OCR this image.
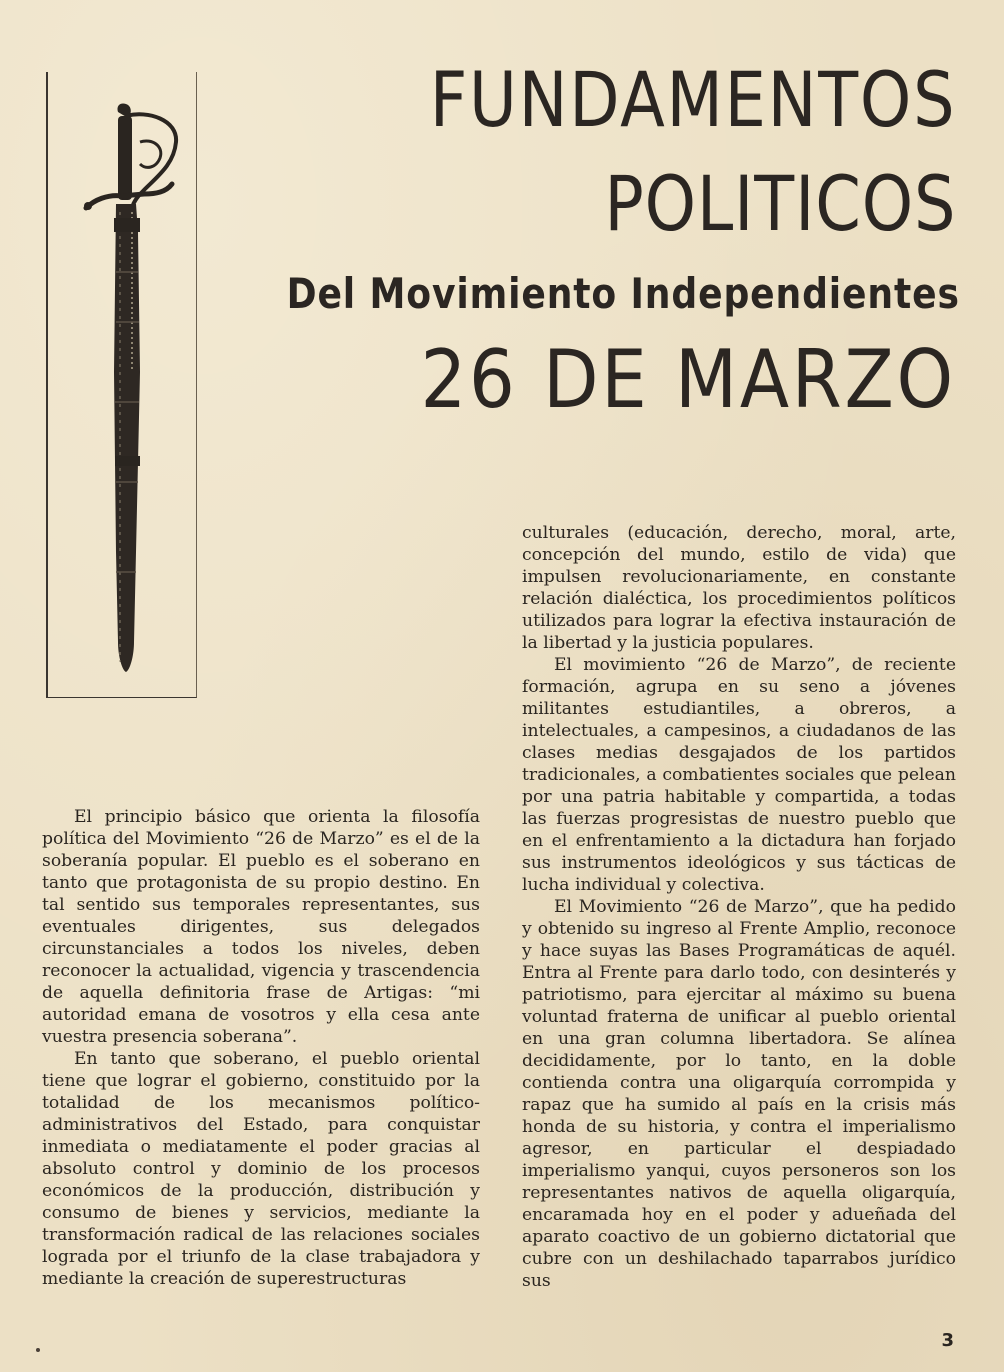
FUNDAMENTOS
POLITICOS
Del Movimiento Independientes
26 DE MARZO

El principio básico que orienta la filosofía política del Movimiento “26 de Marzo” es el de la soberanía popular. El pueblo es el soberano en tanto que protagonista de su propio destino. En tal sentido sus temporales representantes, sus eventuales dirigentes, sus delegados circunstanciales a todos los niveles, deben reconocer la actualidad, vigencia y trascendencia de aquella definitoria frase de Artigas: “mi autoridad emana de vosotros y ella cesa ante vuestra presencia soberana”.

En tanto que soberano, el pueblo oriental tiene que lograr el gobierno, constituido por la totalidad de los mecanismos político-administrativos del Estado, para conquistar inmediata o mediatamente el poder gracias al absoluto control y dominio de los procesos económicos de la producción, distribución y consumo de bienes y servicios, mediante la transformación radical de las relaciones sociales lograda por el triunfo de la clase trabajadora y mediante la creación de superestructuras

culturales (educación, derecho, moral, arte, concepción del mundo, estilo de vida) que impulsen revolucionariamente, en constante relación dialéctica, los procedimientos políticos utilizados para lograr la efectiva instauración de la libertad y la justicia populares.

El movimiento “26 de Marzo”, de reciente formación, agrupa en su seno a jóvenes militantes estudiantiles, a obreros, a intelectuales, a campesinos, a ciudadanos de las clases medias desgajados de los partidos tradicionales, a combatientes sociales que pelean por una patria habitable y compartida, a todas las fuerzas progresistas de nuestro pueblo que en el enfrentamiento a la dictadura han forjado sus instrumentos ideológicos y sus tácticas de lucha individual y colectiva.

El Movimiento “26 de Marzo”, que ha pedido y obtenido su ingreso al Frente Amplio, reconoce y hace suyas las Bases Programáticas de aquél. Entra al Frente para darlo todo, con desinterés y patriotismo, para ejercitar al máximo su buena voluntad fraterna de unificar al pueblo oriental en una gran columna libertadora. Se alínea decididamente, por lo tanto, en la doble contienda contra una oligarquía corrompida y rapaz que ha sumido al país en la crisis más honda de su historia, y contra el imperialismo agresor, en particular el despiadado imperialismo yanqui, cuyos personeros son los representantes nativos de aquella oligarquía, encaramada hoy en el poder y adueñada del aparato coactivo de un gobierno dictatorial que cubre con un deshilachado taparrabos jurídico sus

3
